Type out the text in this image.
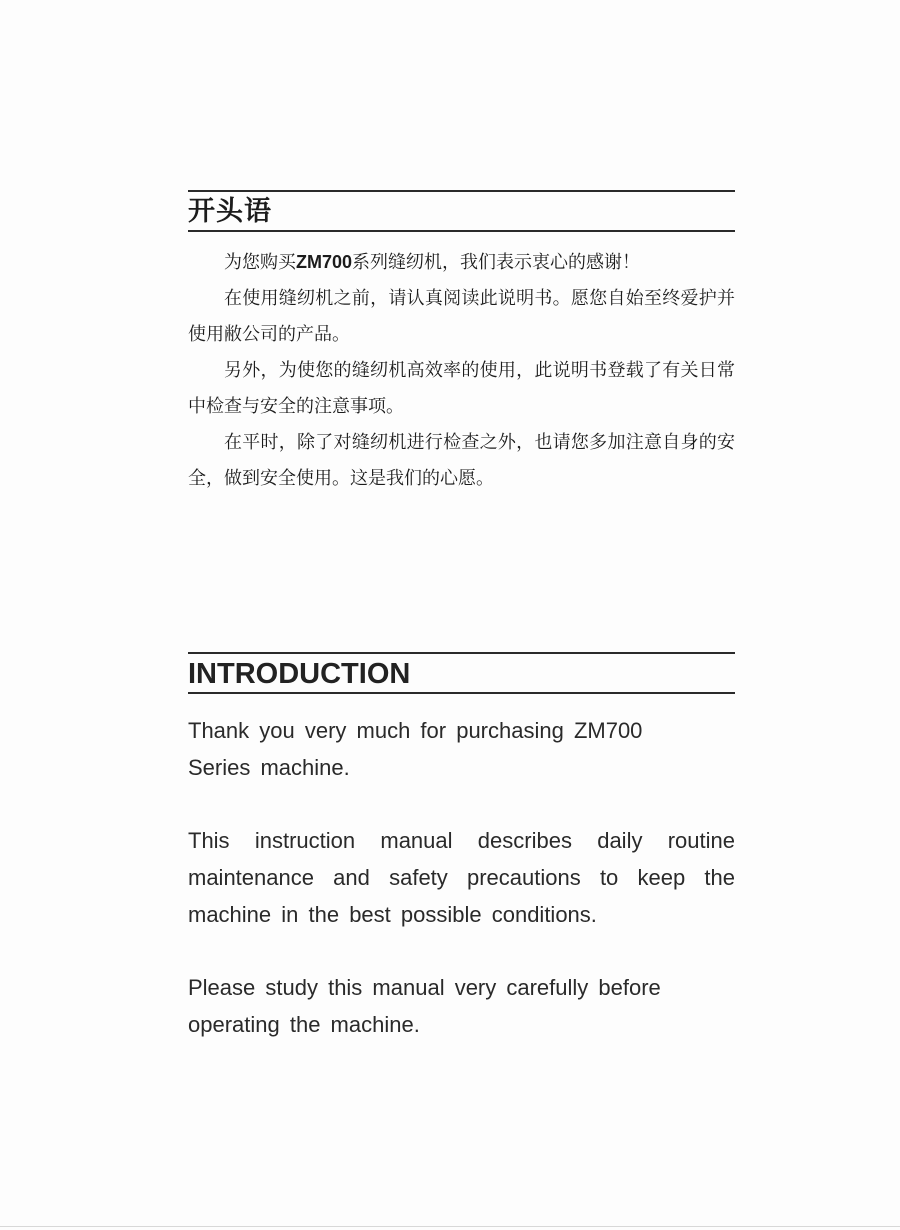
开头语

为您购买ZM700系列缝纫机，我们表示衷心的感谢！

在使用缝纫机之前，请认真阅读此说明书。愿您自始至终爱护并使用敝公司的产品。

另外，为使您的缝纫机高效率的使用，此说明书登载了有关日常中检查与安全的注意事项。

在平时，除了对缝纫机进行检查之外，也请您多加注意自身的安全，做到安全使用。这是我们的心愿。

INTRODUCTION

Thank you very much for purchasing ZM700 Series machine.

This instruction manual describes daily routine maintenance and safety precautions to keep the machine in the best possible conditions.

Please study this manual very carefully before operating the machine.
